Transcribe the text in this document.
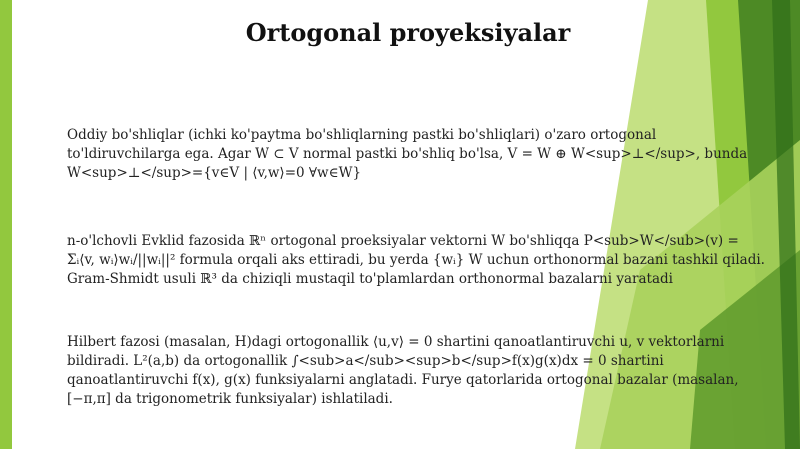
Ortogonal proyeksiyalar

Oddiy bo'shliqlar (ichki ko'paytma bo'shliqlarning pastki bo'shliqlari) o'zaro ortogonal to'ldiruvchilarga ega. Agar W ⊂ V normal pastki bo'shliq bo'lsa, V = W ⊕ W<sup>⊥</sup>, bunda W<sup>⊥</sup>={v∈V | ⟨v,w⟩=0 ∀w∈W}

n-o'lchovli Evklid fazosida ℝⁿ ortogonal proeksiyalar vektorni W bo'shliqqa P<sub>W</sub>(v) = Σᵢ⟨v, wᵢ⟩wᵢ/||wᵢ||² formula orqali aks ettiradi, bu yerda {wᵢ} W uchun orthonormal bazani tashkil qiladi. Gram-Shmidt usuli ℝ³ da chiziqli mustaqil to'plamlardan orthonormal bazalarni yaratadi

Hilbert fazosi (masalan, H)dagi ortogonallik ⟨u,v⟩ = 0 shartini qanoatlantiruvchi u, v vektorlarni bildiradi. L²(a,b) da ortogonallik ∫<sub>a</sub><sup>b</sup>f(x)g(x)dx = 0 shartini qanoatlantiruvchi f(x), g(x) funksiyalarni anglatadi. Furye qatorlarida ortogonal bazalar (masalan, [−π,π] da trigonometrik funksiyalar) ishlatiladi.
